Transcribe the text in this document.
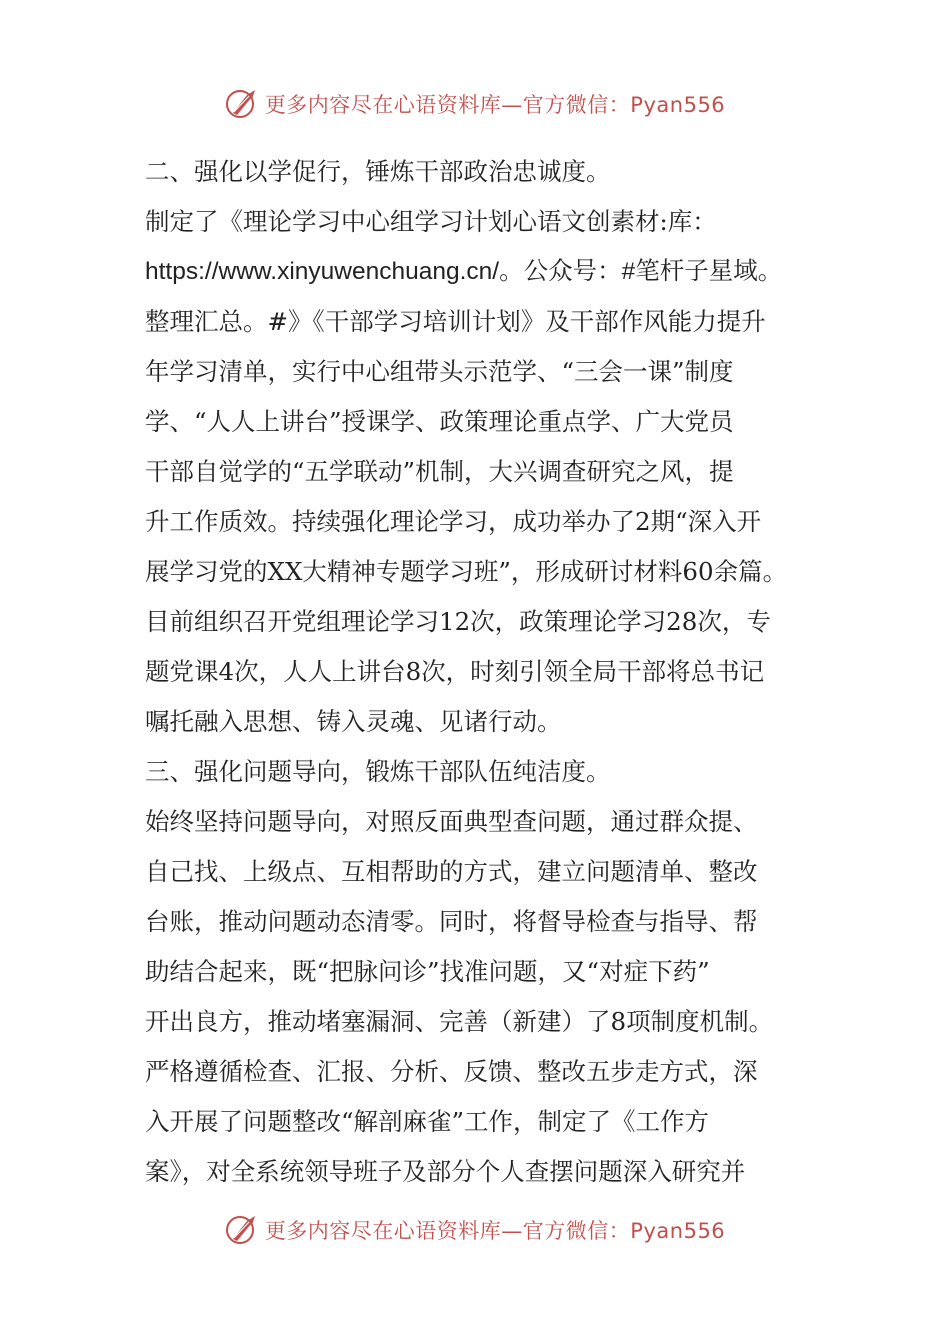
更多内容尽在心语资料库—官方微信：Pyan556
二、强化以学促行，锤炼干部政治忠诚度。
制定了《理论学习中心组学习计划心语文创素材:库：
https://www.xinyuwenchuang.cn/。公众号：#笔杆子星域。
整理汇总。#》《干部学习培训计划》及干部作风能力提升
年学习清单，实行中心组带头示范学、“三会一课”制度
学、“人人上讲台”授课学、政策理论重点学、广大党员
干部自觉学的“五学联动”机制，大兴调查研究之风，提
升工作质效。持续强化理论学习，成功举办了2期“深入开
展学习党的XX大精神专题学习班”，形成研讨材料60余篇。
目前组织召开党组理论学习12次，政策理论学习28次，专
题党课4次，人人上讲台8次，时刻引领全局干部将总书记
嘱托融入思想、铸入灵魂、见诸行动。
三、强化问题导向，锻炼干部队伍纯洁度。
始终坚持问题导向，对照反面典型查问题，通过群众提、
自己找、上级点、互相帮助的方式，建立问题清单、整改
台账，推动问题动态清零。同时，将督导检查与指导、帮
助结合起来，既“把脉问诊”找准问题，又“对症下药”
开出良方，推动堵塞漏洞、完善（新建）了8项制度机制。
严格遵循检查、汇报、分析、反馈、整改五步走方式，深
入开展了问题整改“解剖麻雀”工作，制定了《工作方
案》，对全系统领导班子及部分个人查摆问题深入研究并
更多内容尽在心语资料库—官方微信：Pyan556
